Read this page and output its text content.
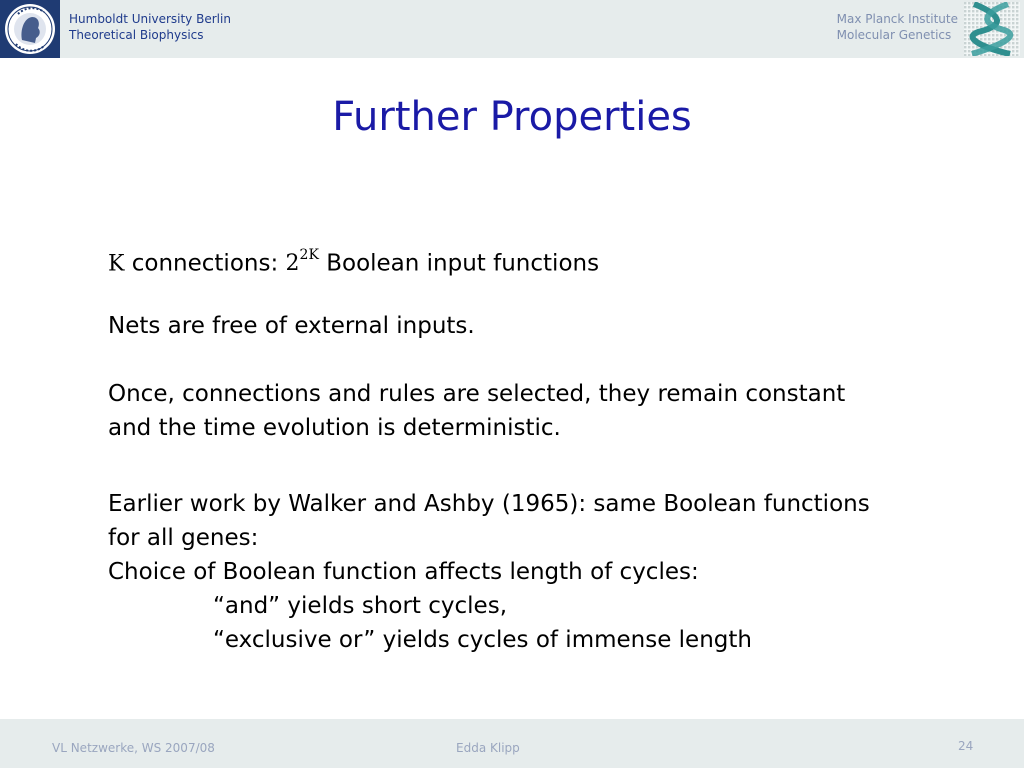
Humboldt University Berlin
Theoretical Biophysics
Max Planck Institute
Molecular Genetics
Further Properties
K connections: $2^{2K}$ Boolean input functions
Nets are free of external inputs.
Once, connections and rules are selected, they remain constant
and the time evolution is deterministic.
Earlier work by Walker and Ashby (1965): same Boolean functions
for all genes:
Choice of Boolean function affects length of cycles:
“and” yields short cycles,
“exclusive or” yields cycles of immense length
VL Netzwerke, WS 2007/08	Edda Klipp	24
